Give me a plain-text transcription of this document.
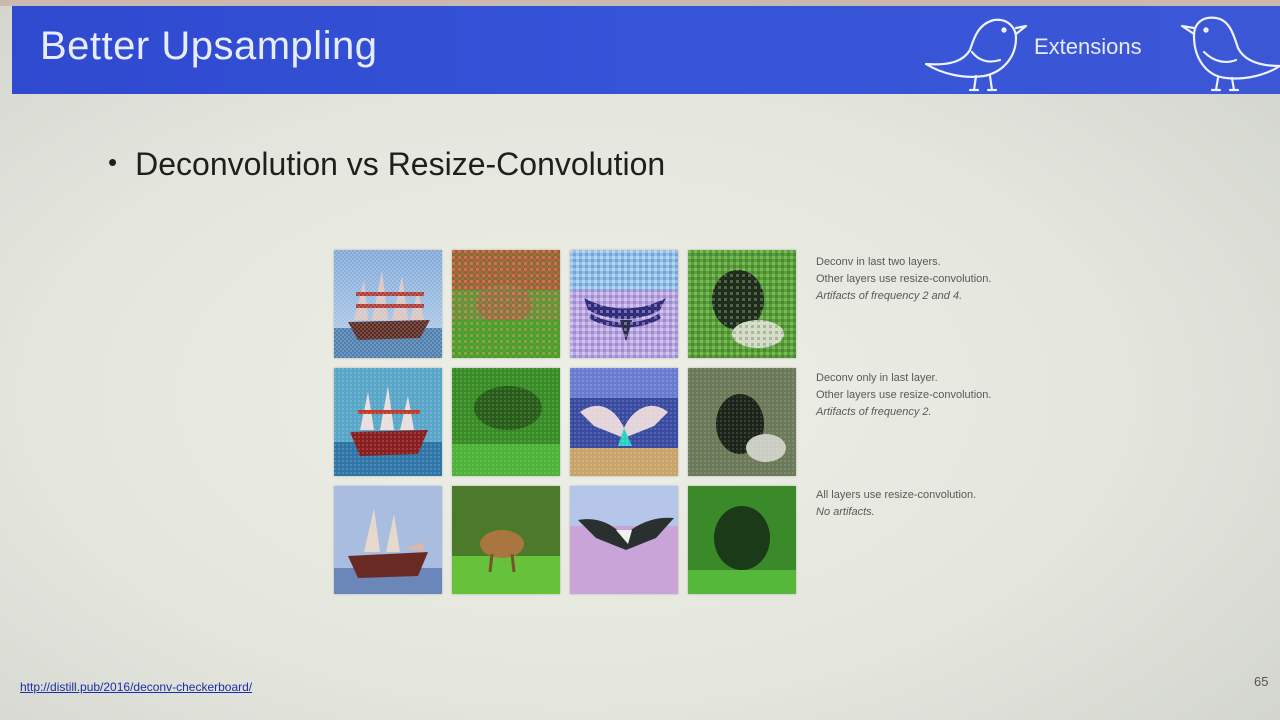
Better Upsampling	Extensions
• Deconvolution vs Resize-Convolution
Deconv in last two layers.
Other layers use resize-convolution.
Artifacts of frequency 2 and 4.
Deconv only in last layer.
Other layers use resize-convolution.
Artifacts of frequency 2.
All layers use resize-convolution.
No artifacts.
http://distill.pub/2016/deconv-checkerboard/	65
